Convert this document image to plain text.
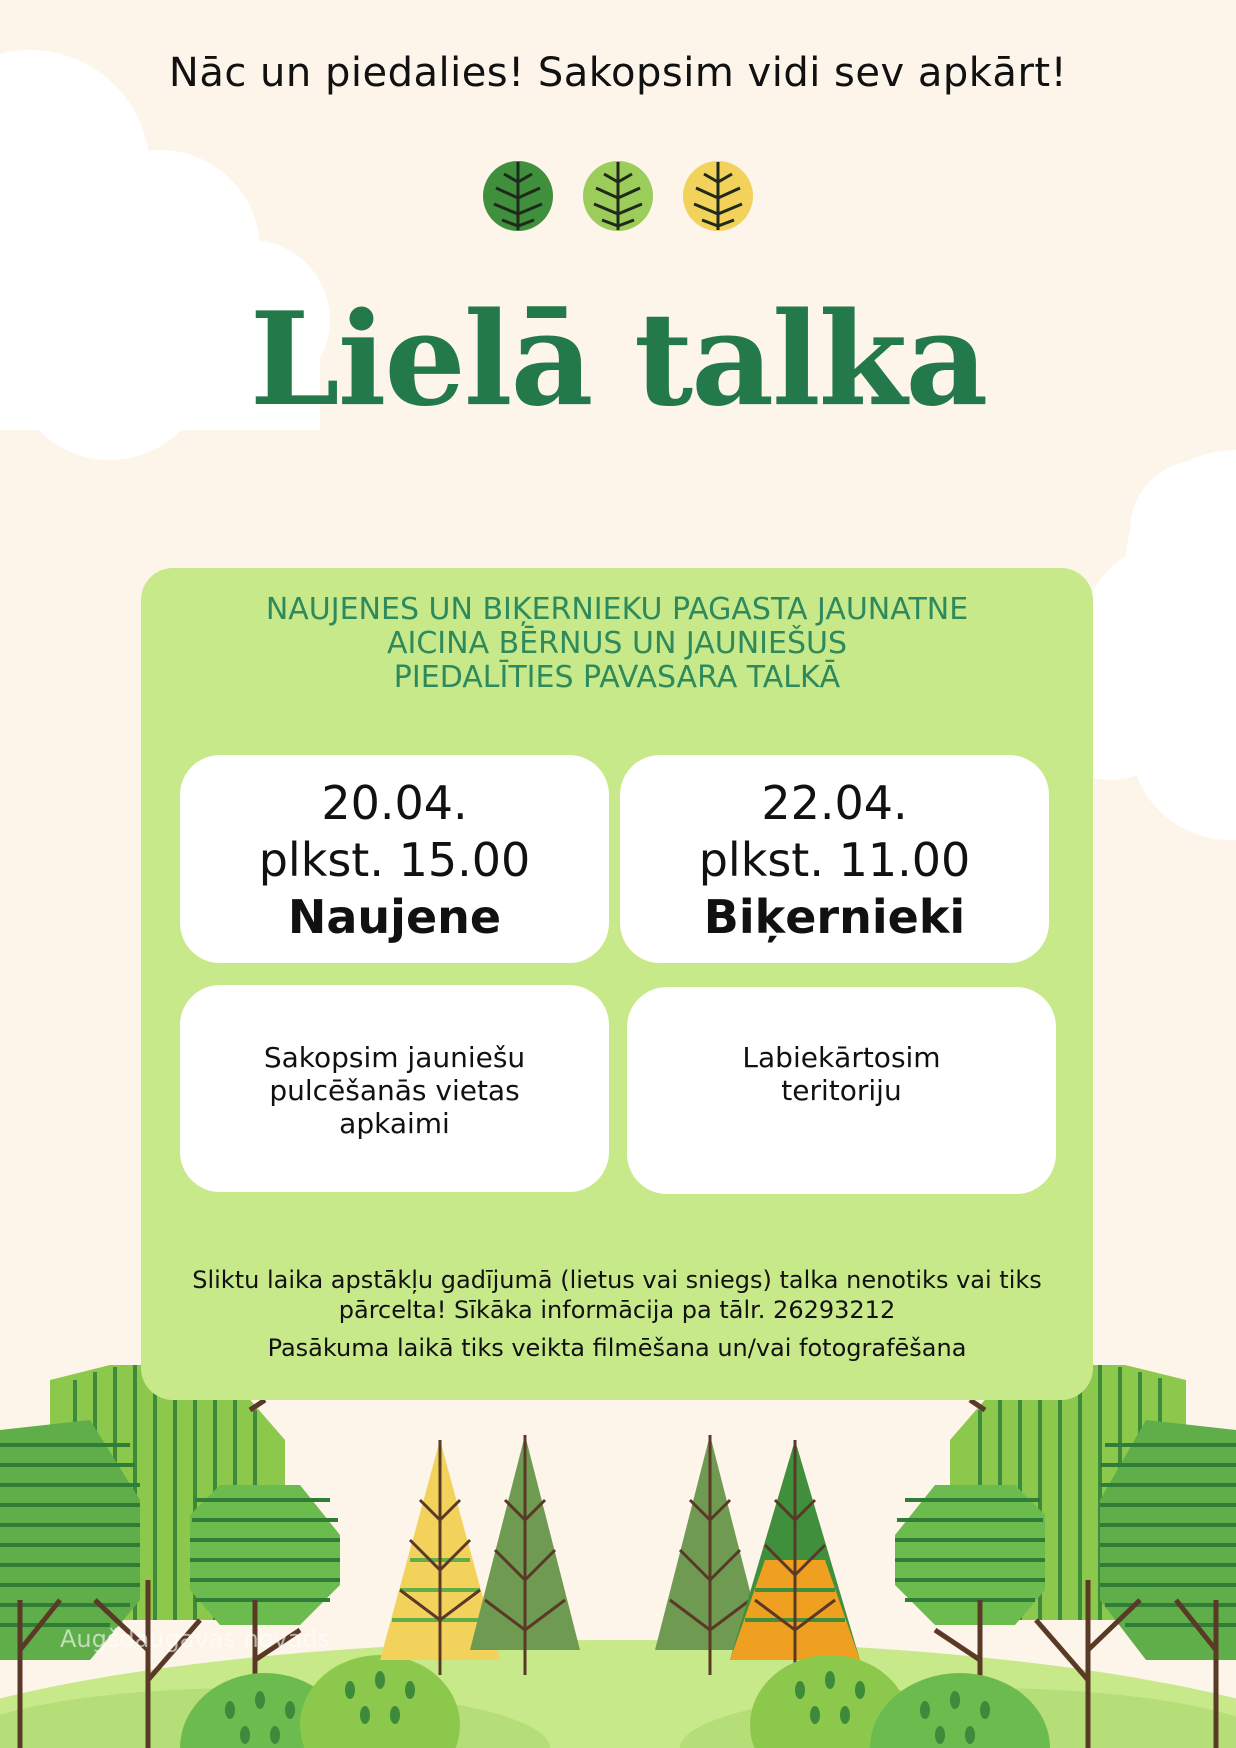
Nāc un piedalies! Sakopsim vidi sev apkārt!
Lielā talka
NAUJENES UN BIĶERNIEKU PAGASTA JAUNATNE
AICINA BĒRNUS UN JAUNIEŠUS
PIEDALĪTIES PAVASARA TALKĀ
20.04.
plkst. 15.00
Naujene
22.04.
plkst. 11.00
Biķernieki
Sakopsim jauniešu
pulcēšanās vietas
apkaimi
Labiekārtosim
teritoriju
Sliktu laika apstākļu gadījumā (lietus vai sniegs) talka nenotiks vai tiks
pārcelta! Sīkāka informācija pa tālr. 26293212
Pasākuma laikā tiks veikta filmēšana un/vai fotografēšana
Augšdaugavas novads
